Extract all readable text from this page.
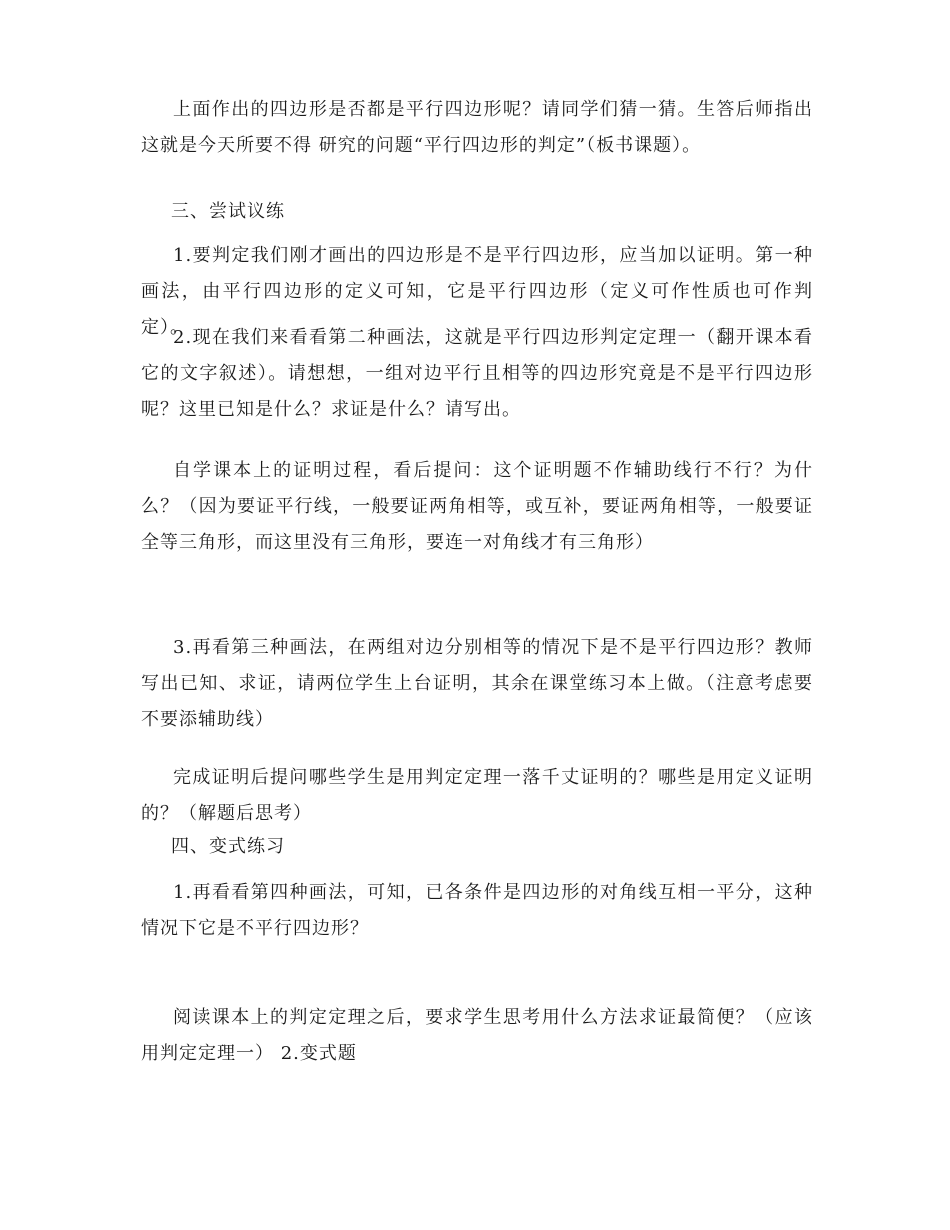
上面作出的四边形是否都是平行四边形呢？请同学们猜一猜。生答后师指出这就是今天所要不得 研究的问题“平行四边形的判定”（板书课题）。

三、尝试议练

1.要判定我们刚才画出的四边形是不是平行四边形，应当加以证明。第一种画法，由平行四边形的定义可知，它是平行四边形（定义可作性质也可作判定）。

2.现在我们来看看第二种画法，这就是平行四边形判定定理一（翻开课本看它的文字叙述）。请想想，一组对边平行且相等的四边形究竟是不是平行四边形呢？这里已知是什么？求证是什么？请写出。

自学课本上的证明过程，看后提问：这个证明题不作辅助线行不行？为什么？（因为要证平行线，一般要证两角相等，或互补，要证两角相等，一般要证全等三角形，而这里没有三角形，要连一对角线才有三角形）

3.再看第三种画法，在两组对边分别相等的情况下是不是平行四边形？教师写出已知、求证，请两位学生上台证明，其余在课堂练习本上做。（注意考虑要不要添辅助线）

完成证明后提问哪些学生是用判定定理一落千丈证明的？哪些是用定义证明的？（解题后思考）

四、变式练习

1.再看看第四种画法，可知，已各条件是四边形的对角线互相一平分，这种情况下它是不平行四边形？

阅读课本上的判定定理之后，要求学生思考用什么方法求证最简便？（应该用判定定理一） 2.变式题
